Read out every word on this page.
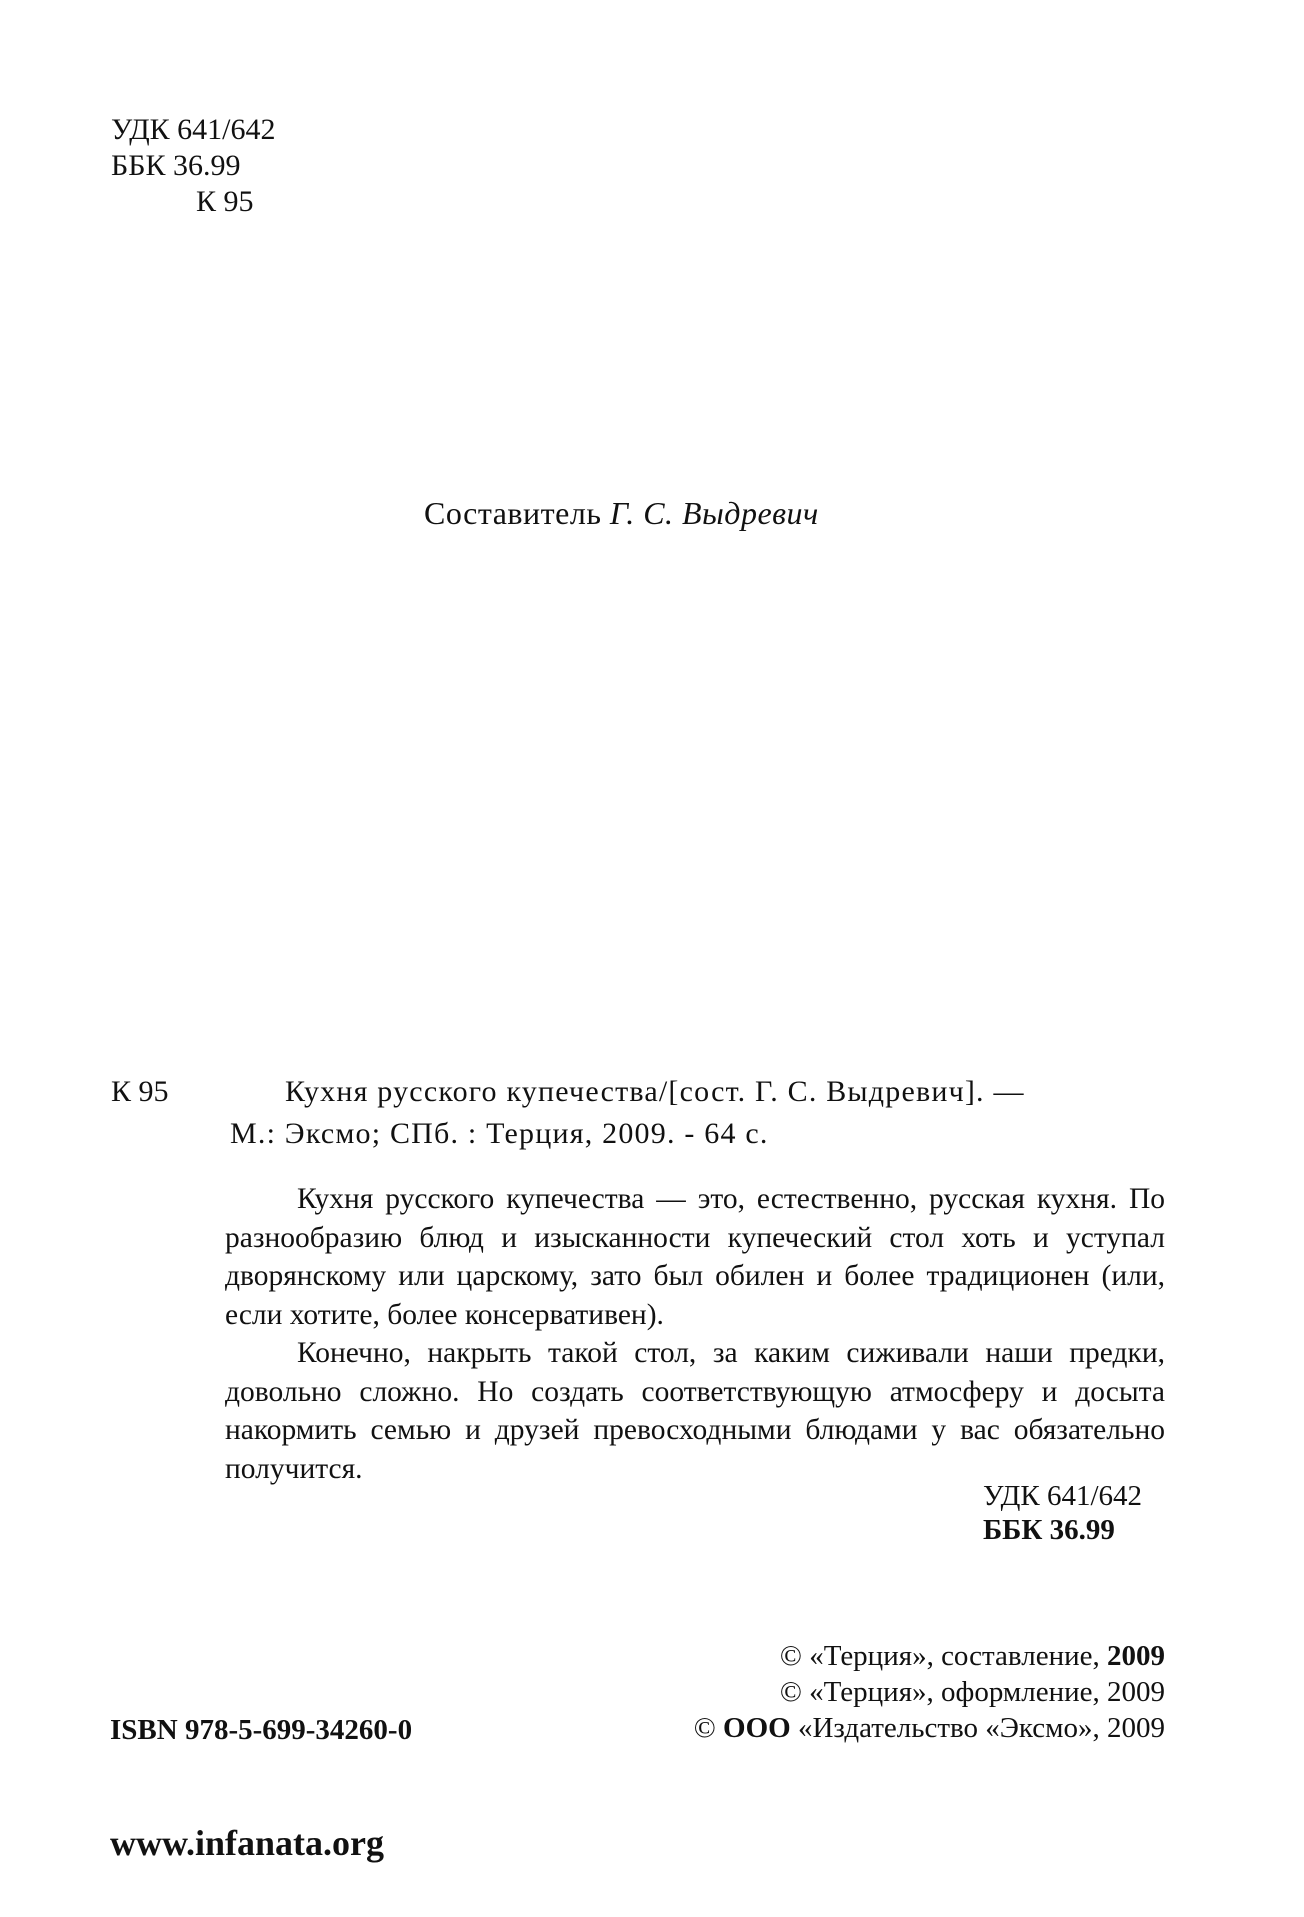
УДК 641/642
ББК 36.99
К 95
Составитель Г. С. Выдревич
К 95	Кухня русского купечества/[сост. Г. С. Выдревич]. —
М.: Эксмо; СПб. : Терция, 2009. - 64 с.

Кухня русского купечества — это, естественно, русская кухня. По разнообразию блюд и изысканности купеческий стол хоть и уступал дворянскому или царскому, зато был обилен и более традиционен (или, если хотите, более консервативен).

Конечно, накрыть такой стол, за каким сиживали наши предки, довольно сложно. Но создать соответствующую атмосферу и досыта накормить семью и друзей превосходными блюдами у вас обязательно получится.

УДК 641/642
ББК 36.99
© «Терция», составление, 2009
© «Терция», оформление, 2009
© ООО «Издательство «Эксмо», 2009
ISBN 978-5-699-34260-0
www.infanata.org
